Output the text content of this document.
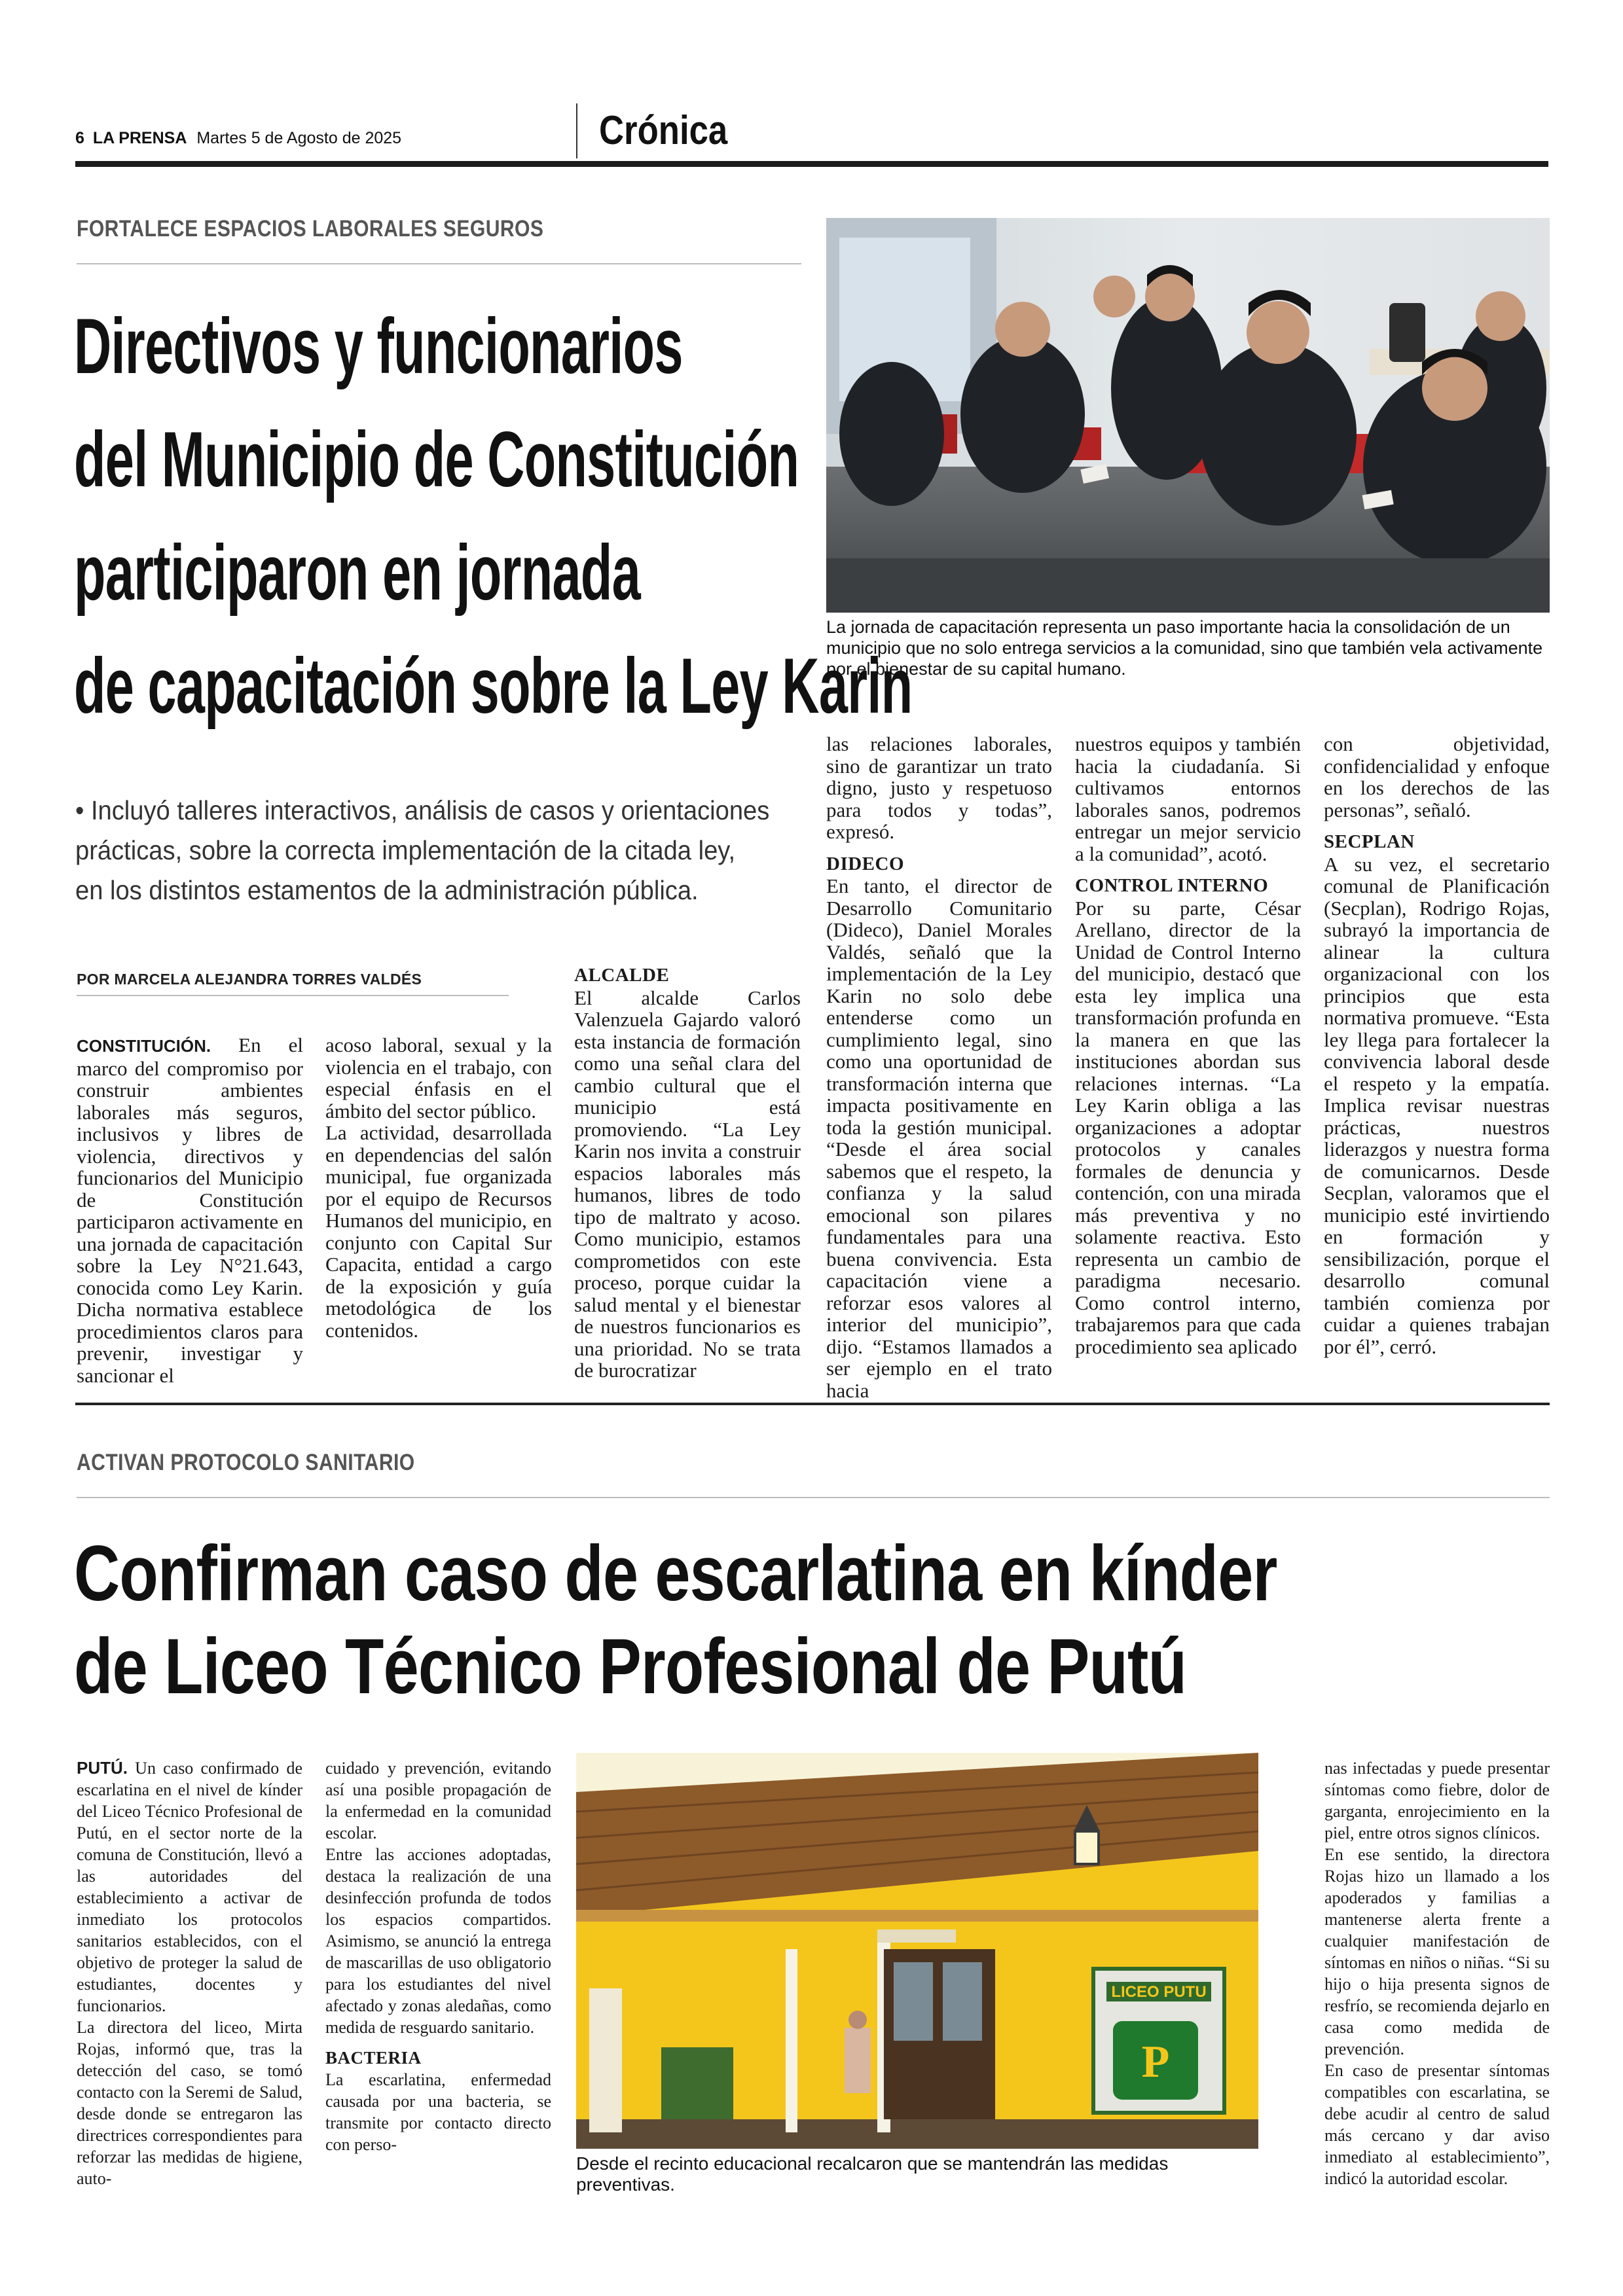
6 LA PRENSA Martes 5 de Agosto de 2025	Crónica
FORTALECE ESPACIOS LABORALES SEGUROS
Directivos y funcionarios
del Municipio de Constitución
participaron en jornada
de capacitación sobre la Ley Karin
• Incluyó talleres interactivos, análisis de casos y orientaciones
prácticas, sobre la correcta implementación de la citada ley,
en los distintos estamentos de la administración pública.
POR MARCELA ALEJANDRA TORRES VALDÉS
La jornada de capacitación representa un paso importante hacia la consolidación de un municipio que no solo entrega servicios a la comunidad, sino que también vela activamente por el bienestar de su capital humano.

CONSTITUCIÓN. En el marco del compromiso por construir ambientes laborales más seguros, inclusivos y libres de violencia, directivos y funcionarios del Municipio de Constitución participaron activamente en una jornada de capacitación sobre la Ley N°21.643, conocida como Ley Karin. Dicha normativa establece procedimientos claros para prevenir, investigar y sancionar el

acoso laboral, sexual y la violencia en el trabajo, con especial énfasis en el ámbito del sector público.

La actividad, desarrollada en dependencias del salón municipal, fue organizada por el equipo de Recursos Humanos del municipio, en conjunto con Capital Sur Capacita, entidad a cargo de la exposición y guía metodológica de los contenidos.

ALCALDE

El alcalde Carlos Valenzuela Gajardo valoró esta instancia de formación como una señal clara del cambio cultural que el municipio está promoviendo. “La Ley Karin nos invita a construir espacios laborales más humanos, libres de todo tipo de maltrato y acoso. Como municipio, estamos comprometidos con este proceso, porque cuidar la salud mental y el bienestar de nuestros funcionarios es una prioridad. No se trata de burocratizar

las relaciones laborales, sino de garantizar un trato digno, justo y respetuoso para todos y todas”, expresó.

DIDECO

En tanto, el director de Desarrollo Comunitario (Dideco), Daniel Morales Valdés, señaló que la implementación de la Ley Karin no solo debe entenderse como un cumplimiento legal, sino como una oportunidad de transformación interna que impacta positivamente en toda la gestión municipal. “Desde el área social sabemos que el respeto, la confianza y la salud emocional son pilares fundamentales para una buena convivencia. Esta capacitación viene a reforzar esos valores al interior del municipio”, dijo. “Estamos llamados a ser ejemplo en el trato hacia

nuestros equipos y también hacia la ciudadanía. Si cultivamos entornos laborales sanos, podremos entregar un mejor servicio a la comunidad”, acotó.

CONTROL INTERNO

Por su parte, César Arellano, director de la Unidad de Control Interno del municipio, destacó que esta ley implica una transformación profunda en la manera en que las instituciones abordan sus relaciones internas. “La Ley Karin obliga a las organizaciones a adoptar protocolos y canales formales de denuncia y contención, con una mirada más preventiva y no solamente reactiva. Esto representa un cambio de paradigma necesario. Como control interno, trabajaremos para que cada procedimiento sea aplicado

con objetividad, confidencialidad y enfoque en los derechos de las personas”, señaló.

SECPLAN

A su vez, el secretario comunal de Planificación (Secplan), Rodrigo Rojas, subrayó la importancia de alinear la cultura organizacional con los principios que esta normativa promueve. “Esta ley llega para fortalecer la convivencia laboral desde el respeto y la empatía. Implica revisar nuestras prácticas, nuestros liderazgos y nuestra forma de comunicarnos. Desde Secplan, valoramos que el municipio esté invirtiendo en formación y sensibilización, porque el desarrollo comunal también comienza por cuidar a quienes trabajan por él”, cerró.

ACTIVAN PROTOCOLO SANITARIO
Confirman caso de escarlatina en kínder
de Liceo Técnico Profesional de Putú

PUTÚ. Un caso confirmado de escarlatina en el nivel de kínder del Liceo Técnico Profesional de Putú, en el sector norte de la comuna de Constitución, llevó a las autoridades del establecimiento a activar de inmediato los protocolos sanitarios establecidos, con el objetivo de proteger la salud de estudiantes, docentes y funcionarios.

La directora del liceo, Mirta Rojas, informó que, tras la detección del caso, se tomó contacto con la Seremi de Salud, desde donde se entregaron las directrices correspondientes para reforzar las medidas de higiene, auto-

cuidado y prevención, evitando así una posible propagación de la enfermedad en la comunidad escolar.

Entre las acciones adoptadas, destaca la realización de una desinfección profunda de todos los espacios compartidos. Asimismo, se anunció la entrega de mascarillas de uso obligatorio para los estudiantes del nivel afectado y zonas aledañas, como medida de resguardo sanitario.

BACTERIA

La escarlatina, enfermedad causada por una bacteria, se transmite por contacto directo con perso-

LICEO PUTU
P
Desde el recinto educacional recalcaron que se mantendrán las medidas preventivas.

nas infectadas y puede presentar síntomas como fiebre, dolor de garganta, enrojecimiento en la piel, entre otros signos clínicos.

En ese sentido, la directora Rojas hizo un llamado a los apoderados y familias a mantenerse alerta frente a cualquier manifestación de síntomas en niños o niñas. “Si su hijo o hija presenta signos de resfrío, se recomienda dejarlo en casa como medida de prevención.

En caso de presentar síntomas compatibles con escarlatina, se debe acudir al centro de salud más cercano y dar aviso inmediato al establecimiento”, indicó la autoridad escolar.
